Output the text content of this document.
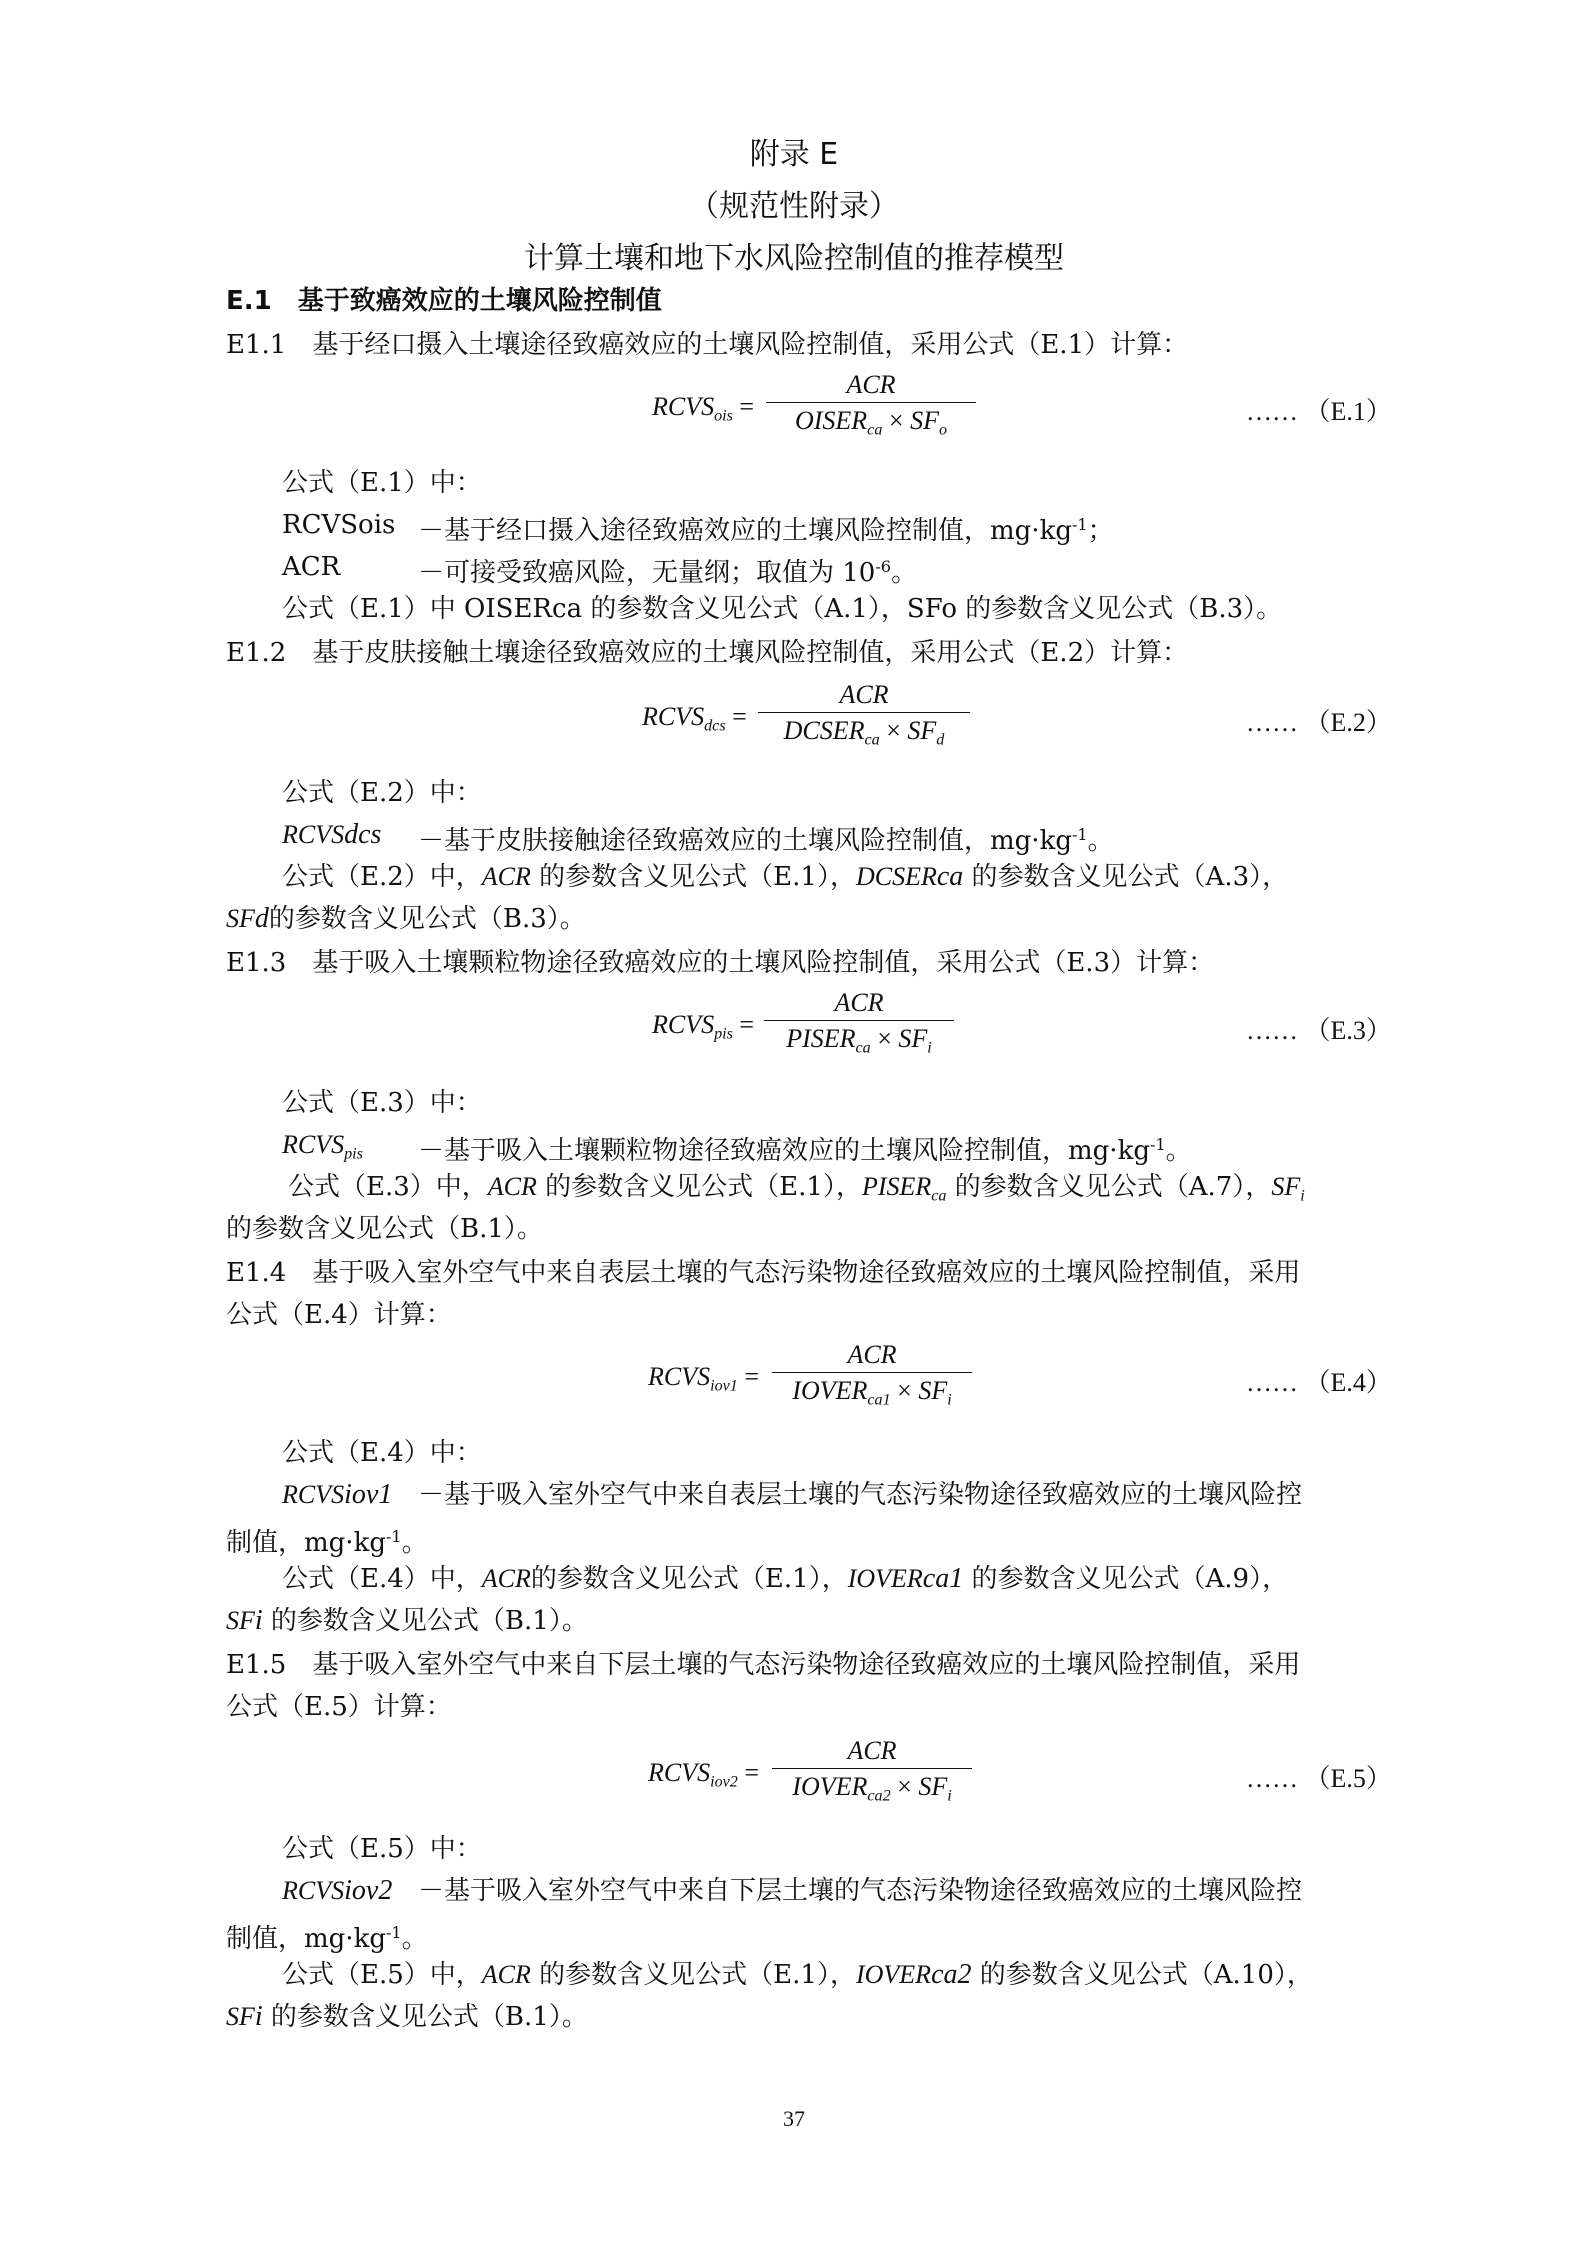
附录 E
（规范性附录）
计算土壤和地下水风险控制值的推荐模型
E.1　基于致癌效应的土壤风险控制值
E1.1　基于经口摄入土壤途径致癌效应的土壤风险控制值，采用公式（E.1）计算：
$RCVS_{ois}$ =
ACR
$OISER_{ca} \times SF_o$
…… （E.1）
公式（E.1）中：
RCVSois －基于经口摄入途径致癌效应的土壤风险控制值，$mg\cdot kg^{-1}$；
ACR	－可接受致癌风险，无量纲；取值为 $10^{-6}$。
公式（E.1）中 OISERca 的参数含义见公式（A.1），SFo 的参数含义见公式（B.3）。
E1.2　基于皮肤接触土壤途径致癌效应的土壤风险控制值，采用公式（E.2）计算：
$RCVS_{dcs}$ =
ACR
$DCSER_{ca} \times SF_d$
…… （E.2）
公式（E.2）中：
RCVSdcs －基于皮肤接触途径致癌效应的土壤风险控制值，$mg\cdot kg^{-1}$。
公式（E.2）中，ACR 的参数含义见公式（E.1），DCSERca 的参数含义见公式（A.3），
SFd的参数含义见公式（B.3）。
E1.3　基于吸入土壤颗粒物途径致癌效应的土壤风险控制值，采用公式（E.3）计算：
$RCVS_{pis}$ =
ACR
$PISER_{ca} \times SF_i$
…… （E.3）
公式（E.3）中：
$RCVS_{pis}$ －基于吸入土壤颗粒物途径致癌效应的土壤风险控制值，$mg\cdot kg^{-1}$。
公式（E.3）中，ACR 的参数含义见公式（E.1），$PISER_{ca}$ 的参数含义见公式（A.7），$SF_i$
的参数含义见公式（B.1）。
E1.4　基于吸入室外空气中来自表层土壤的气态污染物途径致癌效应的土壤风险控制值，采用
公式（E.4）计算：
$RCVS_{iov1}$ =
ACR
$IOVER_{ca1} \times SF_i$
…… （E.4）
公式（E.4）中：
RCVSiov1 －基于吸入室外空气中来自表层土壤的气态污染物途径致癌效应的土壤风险控
制值，$mg\cdot kg^{-1}$。
公式（E.4）中，ACR的参数含义见公式（E.1），IOVERca1 的参数含义见公式（A.9），
SFi 的参数含义见公式（B.1）。
E1.5　基于吸入室外空气中来自下层土壤的气态污染物途径致癌效应的土壤风险控制值，采用
公式（E.5）计算：
$RCVS_{iov2}$ =
ACR
$IOVER_{ca2} \times SF_i$
…… （E.5）
公式（E.5）中：
RCVSiov2 －基于吸入室外空气中来自下层土壤的气态污染物途径致癌效应的土壤风险控
制值，$mg\cdot kg^{-1}$。
公式（E.5）中，ACR 的参数含义见公式（E.1），IOVERca2 的参数含义见公式（A.10），
SFi 的参数含义见公式（B.1）。
37
